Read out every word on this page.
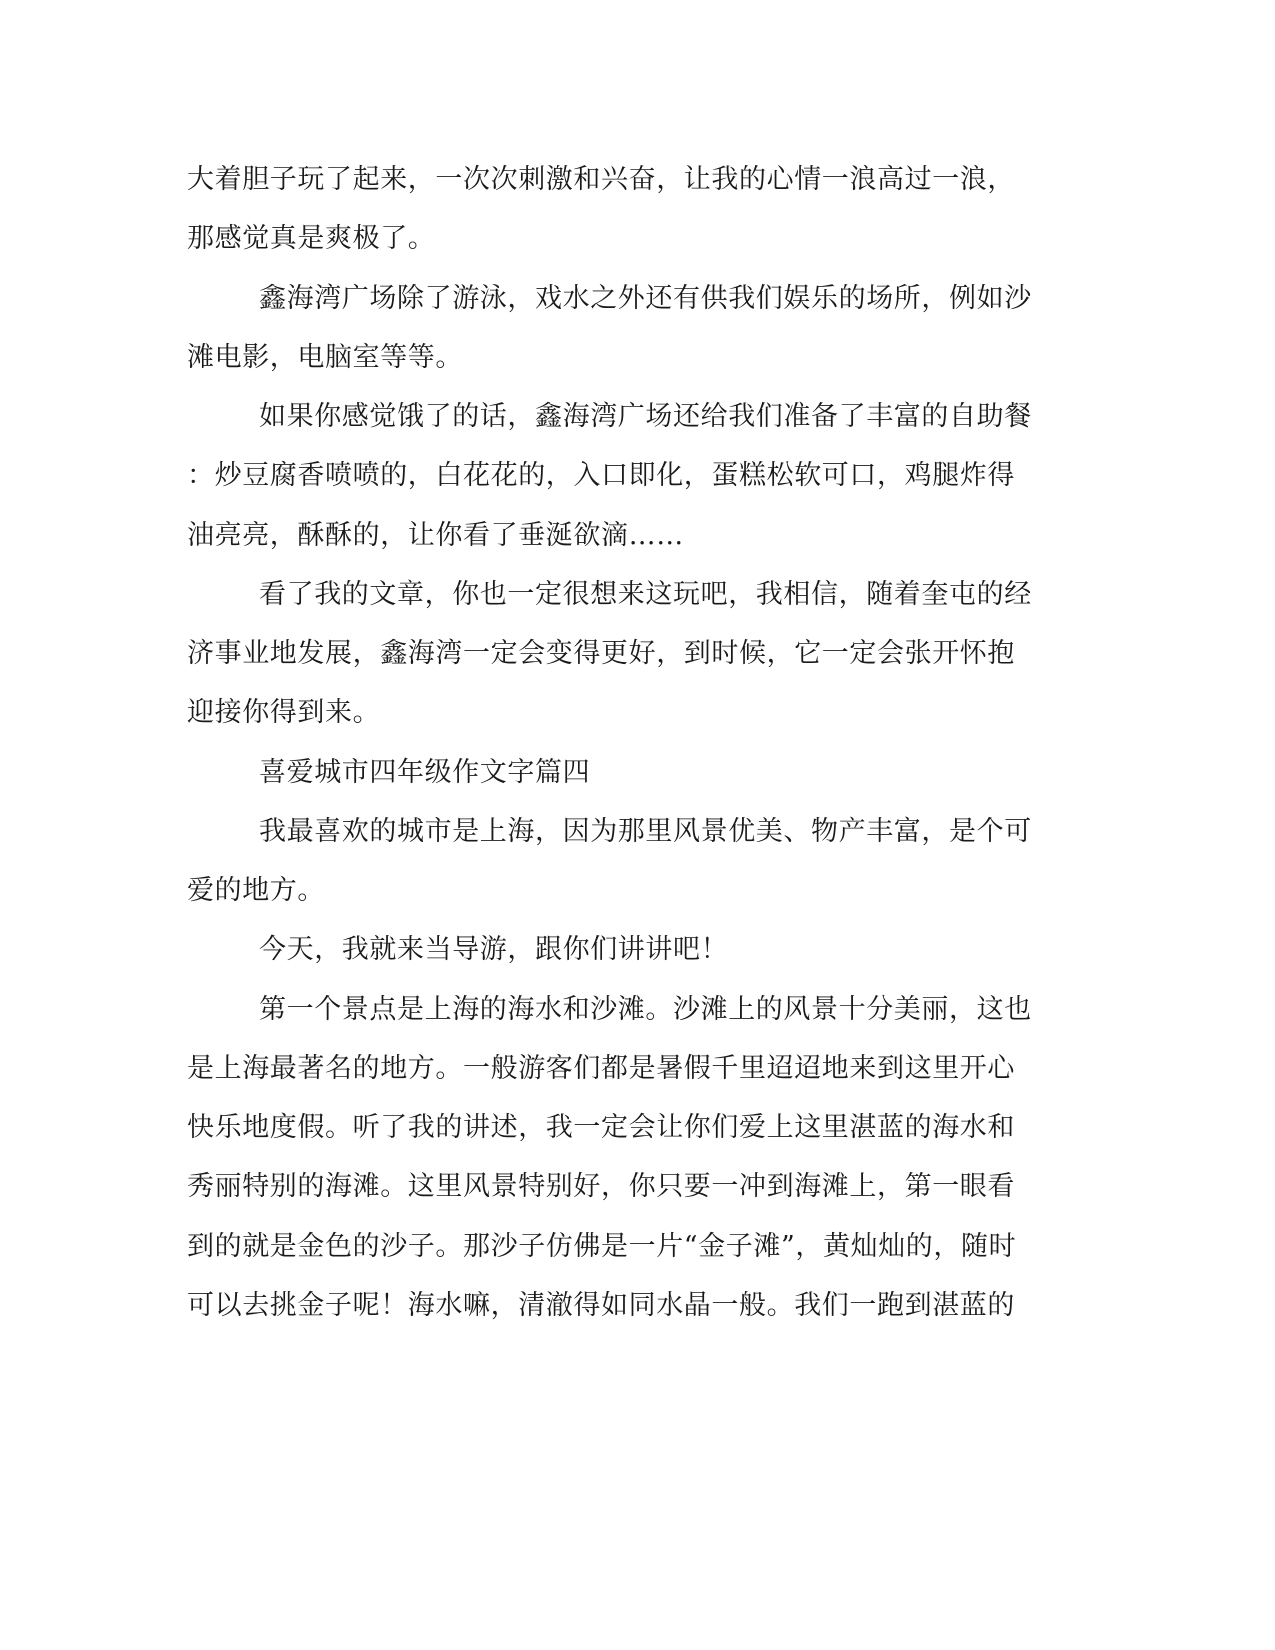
大着胆子玩了起来，一次次刺激和兴奋，让我的心情一浪高过一浪，

那感觉真是爽极了。

鑫海湾广场除了游泳，戏水之外还有供我们娱乐的场所，例如沙

滩电影，电脑室等等。

如果你感觉饿了的话，鑫海湾广场还给我们准备了丰富的自助餐

：炒豆腐香喷喷的，白花花的，入口即化，蛋糕松软可口，鸡腿炸得

油亮亮，酥酥的，让你看了垂涎欲滴……

看了我的文章，你也一定很想来这玩吧，我相信，随着奎屯的经

济事业地发展，鑫海湾一定会变得更好，到时候，它一定会张开怀抱

迎接你得到来。

喜爱城市四年级作文字篇四

我最喜欢的城市是上海，因为那里风景优美、物产丰富，是个可

爱的地方。

今天，我就来当导游，跟你们讲讲吧！

第一个景点是上海的海水和沙滩。沙滩上的风景十分美丽，这也

是上海最著名的地方。一般游客们都是暑假千里迢迢地来到这里开心

快乐地度假。听了我的讲述，我一定会让你们爱上这里湛蓝的海水和

秀丽特别的海滩。这里风景特别好，你只要一冲到海滩上，第一眼看

到的就是金色的沙子。那沙子仿佛是一片“金子滩”，黄灿灿的，随时

可以去挑金子呢！海水嘛，清澈得如同水晶一般。我们一跑到湛蓝的
